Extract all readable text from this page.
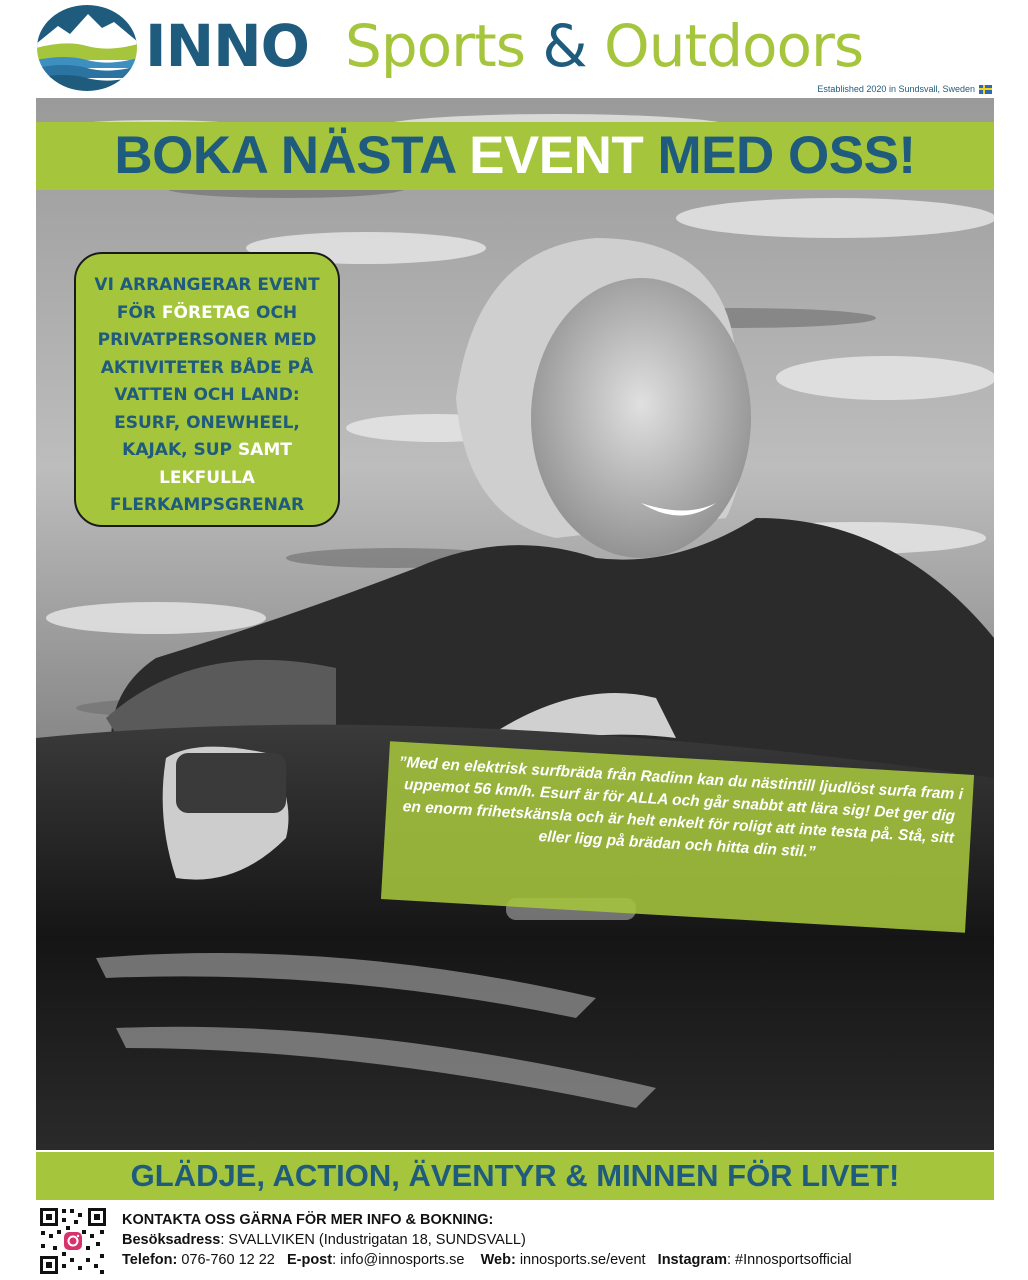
INNO Sports & Outdoors
Established 2020 in Sundsvall, Sweden
BOKA NÄSTA EVENT MED OSS!
VI ARRANGERAR EVENT FÖR FÖRETAG OCH PRIVATPERSONER MED AKTIVITETER BÅDE PÅ VATTEN OCH LAND: ESURF, ONEWHEEL, KAJAK, SUP SAMT LEKFULLA FLERKAMPSGRENAR
”Med en elektrisk surfbräda från Radinn kan du nästintill ljudlöst surfa fram i uppemot 56 km/h. Esurf är för ALLA och går snabbt att lära sig! Det ger dig en enorm frihetskänsla och är helt enkelt för roligt att inte testa på. Stå, sitt eller ligg på brädan och hitta din stil.”
GLÄDJE, ACTION, ÄVENTYR & MINNEN FÖR LIVET!
KONTAKTA OSS GÄRNA FÖR MER INFO & BOKNING:
Besöksadress: SVALLVIKEN (Industrigatan 18, SUNDSVALL)
Telefon: 076-760 12 22 E-post: info@innosports.se Web: innosports.se/event Instagram: #Innosportsofficial
